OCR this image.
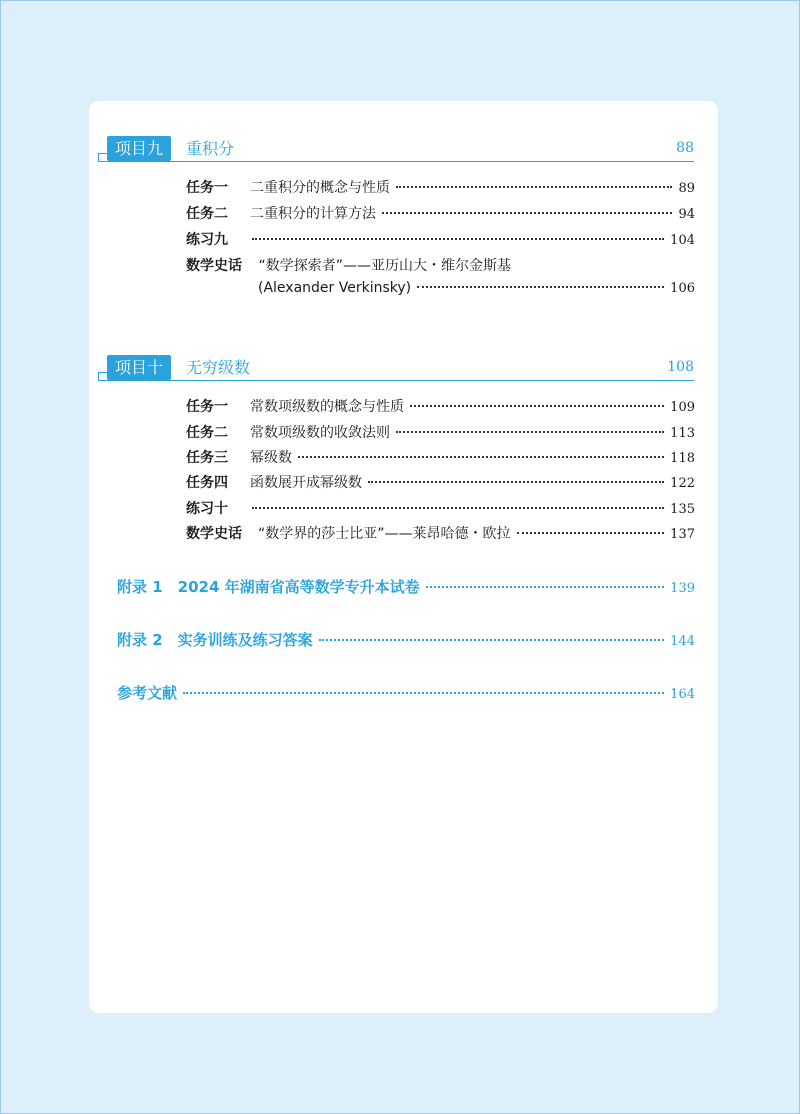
项目九	重积分	88
任务一	二重积分的概念与性质	89
任务二	二重积分的计算方法	94
练习九	104
数学史话 “数学探索者”——亚历山大・维尔金斯基
(Alexander Verkinsky)	106
项目十	无穷级数	108
任务一	常数项级数的概念与性质	109
任务二	常数项级数的收敛法则	113
任务三	幂级数	118
任务四	函数展开成幂级数	122
练习十	135
数学史话 “数学界的莎士比亚”——莱昂哈德・欧拉	137
附录 1　2024 年湖南省高等数学专升本试卷	139
附录 2　实务训练及练习答案	144
参考文献	164
